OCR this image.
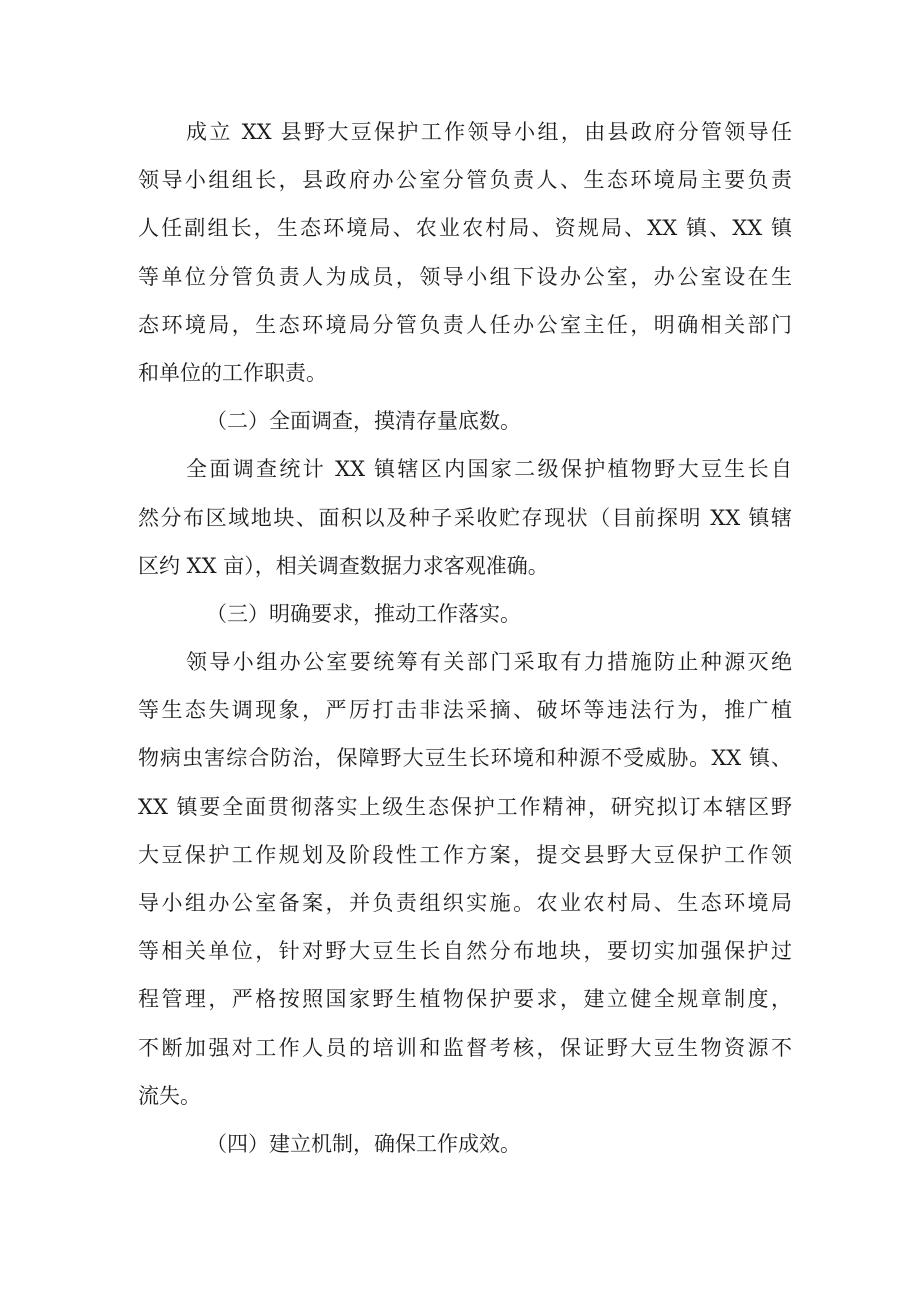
成立 XX 县野大豆保护工作领导小组，由县政府分管领导任
领导小组组长，县政府办公室分管负责人、生态环境局主要负责
人任副组长，生态环境局、农业农村局、资规局、XX 镇、XX 镇
等单位分管负责人为成员，领导小组下设办公室，办公室设在生
态环境局，生态环境局分管负责人任办公室主任，明确相关部门
和单位的工作职责。
（二）全面调查，摸清存量底数。
全面调查统计 XX 镇辖区内国家二级保护植物野大豆生长自
然分布区域地块、面积以及种子采收贮存现状（目前探明 XX 镇辖
区约 XX 亩），相关调查数据力求客观准确。
（三）明确要求，推动工作落实。
领导小组办公室要统筹有关部门采取有力措施防止种源灭绝
等生态失调现象，严厉打击非法采摘、破坏等违法行为，推广植
物病虫害综合防治，保障野大豆生长环境和种源不受威胁。XX 镇、
XX 镇要全面贯彻落实上级生态保护工作精神，研究拟订本辖区野
大豆保护工作规划及阶段性工作方案，提交县野大豆保护工作领
导小组办公室备案，并负责组织实施。农业农村局、生态环境局
等相关单位，针对野大豆生长自然分布地块，要切实加强保护过
程管理，严格按照国家野生植物保护要求，建立健全规章制度，
不断加强对工作人员的培训和监督考核，保证野大豆生物资源不
流失。
（四）建立机制，确保工作成效。
